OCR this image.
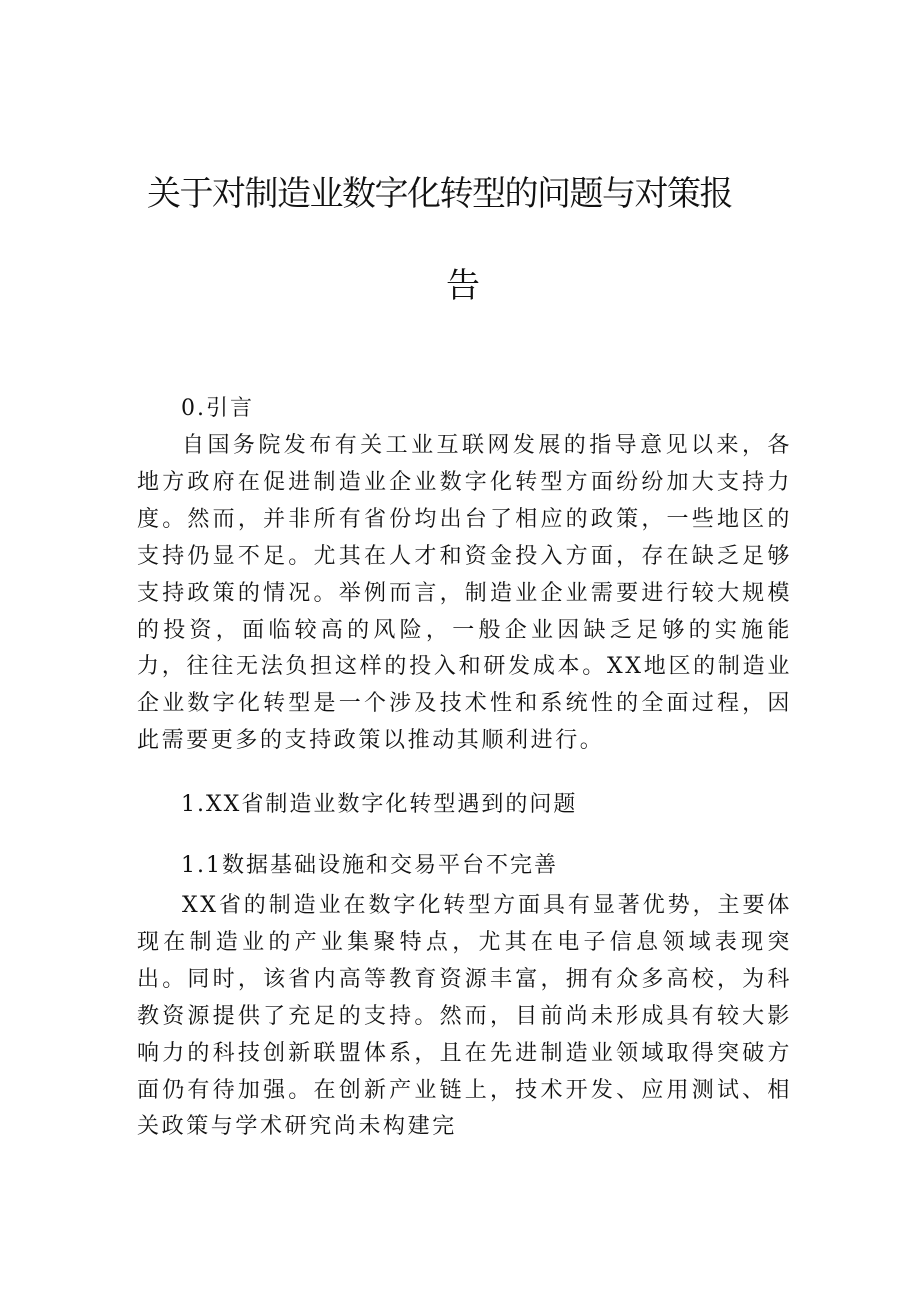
关于对制造业数字化转型的问题与对策报
告
0.引言

自国务院发布有关工业互联网发展的指导意见以来，各地方政府在促进制造业企业数字化转型方面纷纷加大支持力度。然而，并非所有省份均出台了相应的政策，一些地区的支持仍显不足。尤其在人才和资金投入方面，存在缺乏足够支持政策的情况。举例而言，制造业企业需要进行较大规模的投资，面临较高的风险，一般企业因缺乏足够的实施能力，往往无法负担这样的投入和研发成本。XX地区的制造业企业数字化转型是一个涉及技术性和系统性的全面过程，因此需要更多的支持政策以推动其顺利进行。

1.XX省制造业数字化转型遇到的问题
1.1数据基础设施和交易平台不完善

XX省的制造业在数字化转型方面具有显著优势，主要体现在制造业的产业集聚特点，尤其在电子信息领域表现突出。同时，该省内高等教育资源丰富，拥有众多高校，为科教资源提供了充足的支持。然而，目前尚未形成具有较大影响力的科技创新联盟体系，且在先进制造业领域取得突破方面仍有待加强。在创新产业链上，技术开发、应用测试、相关政策与学术研究尚未构建完
